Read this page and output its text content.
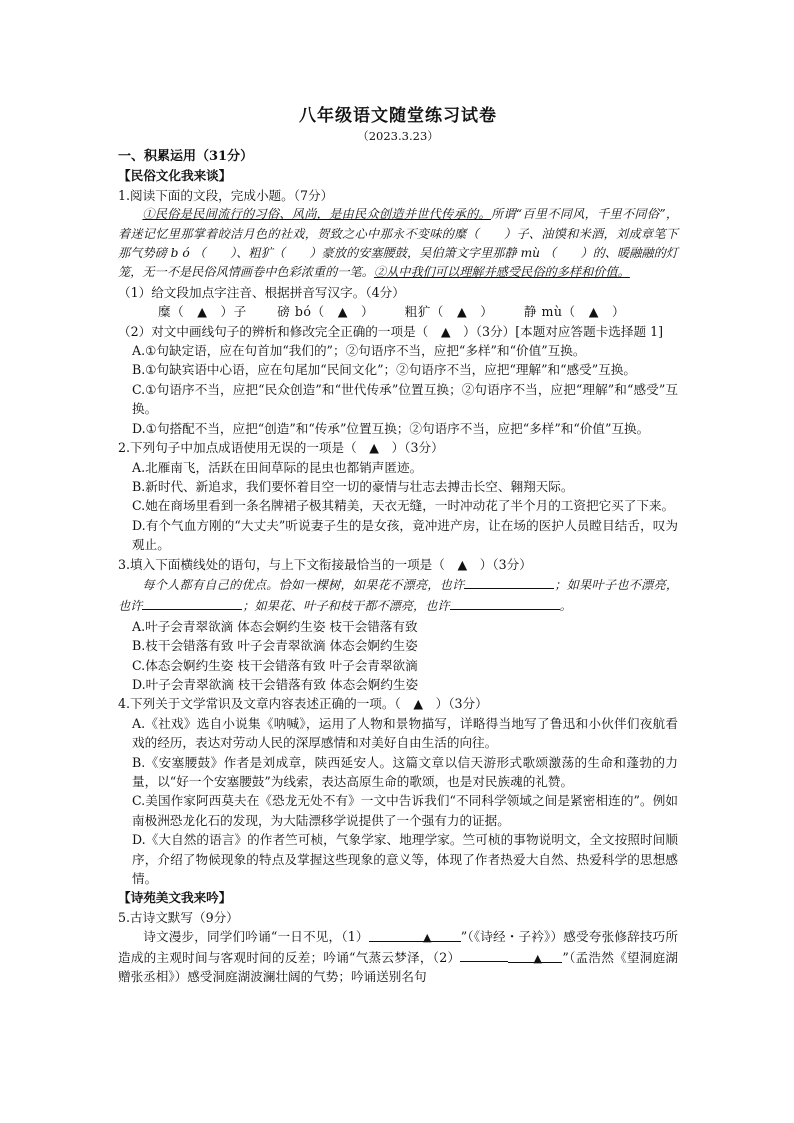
八年级语文随堂练习试卷
（2023.3.23）
一、积累运用（31分）
【民俗文化我来谈】

1.阅读下面的文段，完成小题。（7分）

①民俗是民间流行的习俗、风尚，是由民众创造并世代传承的。所谓“百里不同风，千里不同俗”，着迷记忆里那掌着皎洁月色的社戏，贺致之心中那永不变味的糜（　　）子、油馍和米酒，刘成章笔下那气势磅 b ó （　　）、粗犷（　　）豪放的安塞腰鼓，吴伯箫文字里那静 mù （　　）的、暖融融的灯笼，无一不是民俗风情画卷中色彩浓重的一笔。②从中我们可以理解并感受民俗的多样和价值。

（1）给文段加点字注音、根据拼音写汉字。（4分）

糜（　▲　）子 磅 bó（　▲　） 粗犷（　▲　） 静 mù（　▲　）

（2）对文中画线句子的辨析和修改完全正确的一项是（　▲　）（3分）[本题对应答题卡选择题 1]

A.①句缺定语，应在句首加“我们的”；②句语序不当，应把“多样”和“价值”互换。

B.①句缺宾语中心语，应在句尾加“民间文化”；②句语序不当，应把“理解”和“感受”互换。

C.①句语序不当，应把“民众创造”和“世代传承”位置互换；②句语序不当，应把“理解”和“感受”互换。

D.①句搭配不当，应把“创造”和“传承”位置互换；②句语序不当，应把“多样”和“价值”互换。

2.下列句子中加点成语使用无误的一项是（　▲　）（3分）

A.北雁南飞，活跃在田间草际的昆虫也都销声匿迹。

B.新时代、新追求，我们要怀着目空一切的豪情与壮志去搏击长空、翱翔天际。

C.她在商场里看到一条名牌裙子极其精美，天衣无缝，一时冲动花了半个月的工资把它买了下来。

D.有个气血方刚的“大丈夫”听说妻子生的是女孩，竟冲进产房，让在场的医护人员瞠目结舌，叹为观止。

3.填入下面横线处的语句，与上下文衔接最恰当的一项是（　▲　）（3分）

每个人都有自己的优点。恰如一棵树，如果花不漂亮，也许	；如果叶子也不漂亮，也许	；如果花、叶子和枝干都不漂亮，也许	。

A.叶子会青翠欲滴 体态会婀约生姿 枝干会错落有致

B.枝干会错落有致 叶子会青翠欲滴 体态会婀约生姿

C.体态会婀约生姿 枝干会错落有致 叶子会青翠欲滴

D.叶子会青翠欲滴 枝干会错落有致 体态会婀约生姿

4.下列关于文学常识及文章内容表述正确的一项。（　▲　）（3分）

A.《社戏》选自小说集《呐喊》，运用了人物和景物描写，详略得当地写了鲁迅和小伙伴们夜航看戏的经历，表达对劳动人民的深厚感情和对美好自由生活的向往。

B.《安塞腰鼓》作者是刘成章，陕西延安人。这篇文章以信天游形式歌颂激荡的生命和蓬勃的力量，以“好一个安塞腰鼓”为线索，表达高原生命的歌颂，也是对民族魂的礼赞。

C.美国作家阿西莫夫在《恐龙无处不有》一文中告诉我们“不同科学领域之间是紧密相连的”。例如南极洲恐龙化石的发现，为大陆漂移学说提供了一个强有力的证据。

D.《大自然的语言》的作者竺可桢，气象学家、地理学家。竺可桢的事物说明文，全文按照时间顺序，介绍了物候现象的特点及掌握这些现象的意义等，体现了作者热爱大自然、热爱科学的思想感情。

【诗苑美文我来吟】

5.古诗文默写（9分）

诗文漫步，同学们吟诵“一日不见，（1）	▲ ”（《诗经・子衿》）感受夸张修辞技巧所造成的主观时间与客观时间的反差；吟诵“气蒸云梦泽，（2）	▲ ”（孟浩然《望洞庭湖赠张丞相》）感受洞庭湖波澜壮阔的气势；吟诵送别名句
